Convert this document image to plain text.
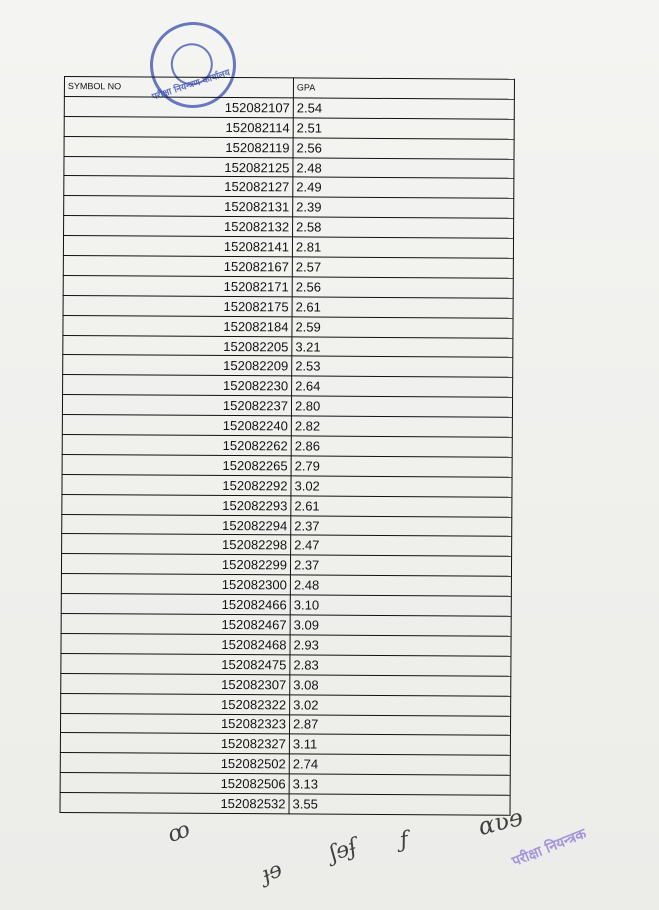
परीक्षा नियन्त्रण कार्यालय
SYMBOL NO	GPA
152082107	2.54
152082114	2.51
152082119	2.56
152082125	2.48
152082127	2.49
152082131	2.39
152082132	2.58
152082141	2.81
152082167	2.57
152082171	2.56
152082175	2.61
152082184	2.59
152082205	3.21
152082209	2.53
152082230	2.64
152082237	2.80
152082240	2.82
152082262	2.86
152082265	2.79
152082292	3.02
152082293	2.61
152082294	2.37
152082298	2.47
152082299	2.37
152082300	2.48
152082466	3.10
152082467	3.09
152082468	2.93
152082475	2.83
152082307	3.08
152082322	3.02
152082323	2.87
152082327	3.11
152082502	2.74
152082506	3.13
152082532	3.55
ꝏ
ɟɘ
ʃɘʄ ƒ	ɑʋɘ
परीक्षा नियन्त्रक
